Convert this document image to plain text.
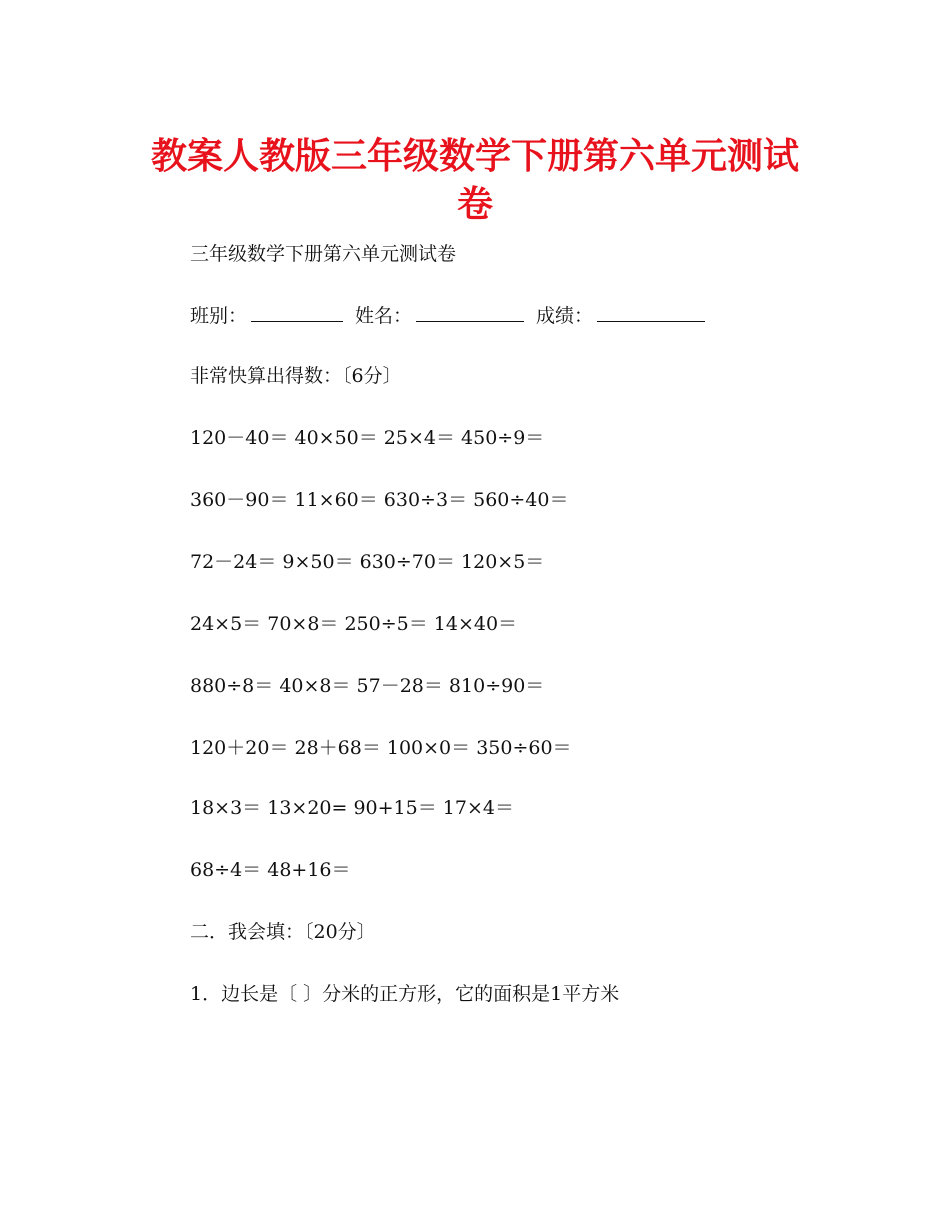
教案人教版三年级数学下册第六单元测试
卷
三年级数学下册第六单元测试卷
班别：	姓名：	成绩：
非常快算出得数：〔6分〕
120－40＝ 40×50＝ 25×4＝ 450÷9＝
360－90＝ 11×60＝ 630÷3＝ 560÷40＝
72－24＝ 9×50＝ 630÷70＝ 120×5＝
24×5＝ 70×8＝ 250÷5＝ 14×40＝
880÷8＝ 40×8＝ 57－28＝ 810÷90＝
120＋20＝ 28＋68＝ 100×0＝ 350÷60＝
18×3＝ 13×20= 90+15＝ 17×4＝
68÷4＝ 48+16＝
二．我会填：〔20分〕
1．边长是〔 〕分米的正方形，它的面积是1平方米
